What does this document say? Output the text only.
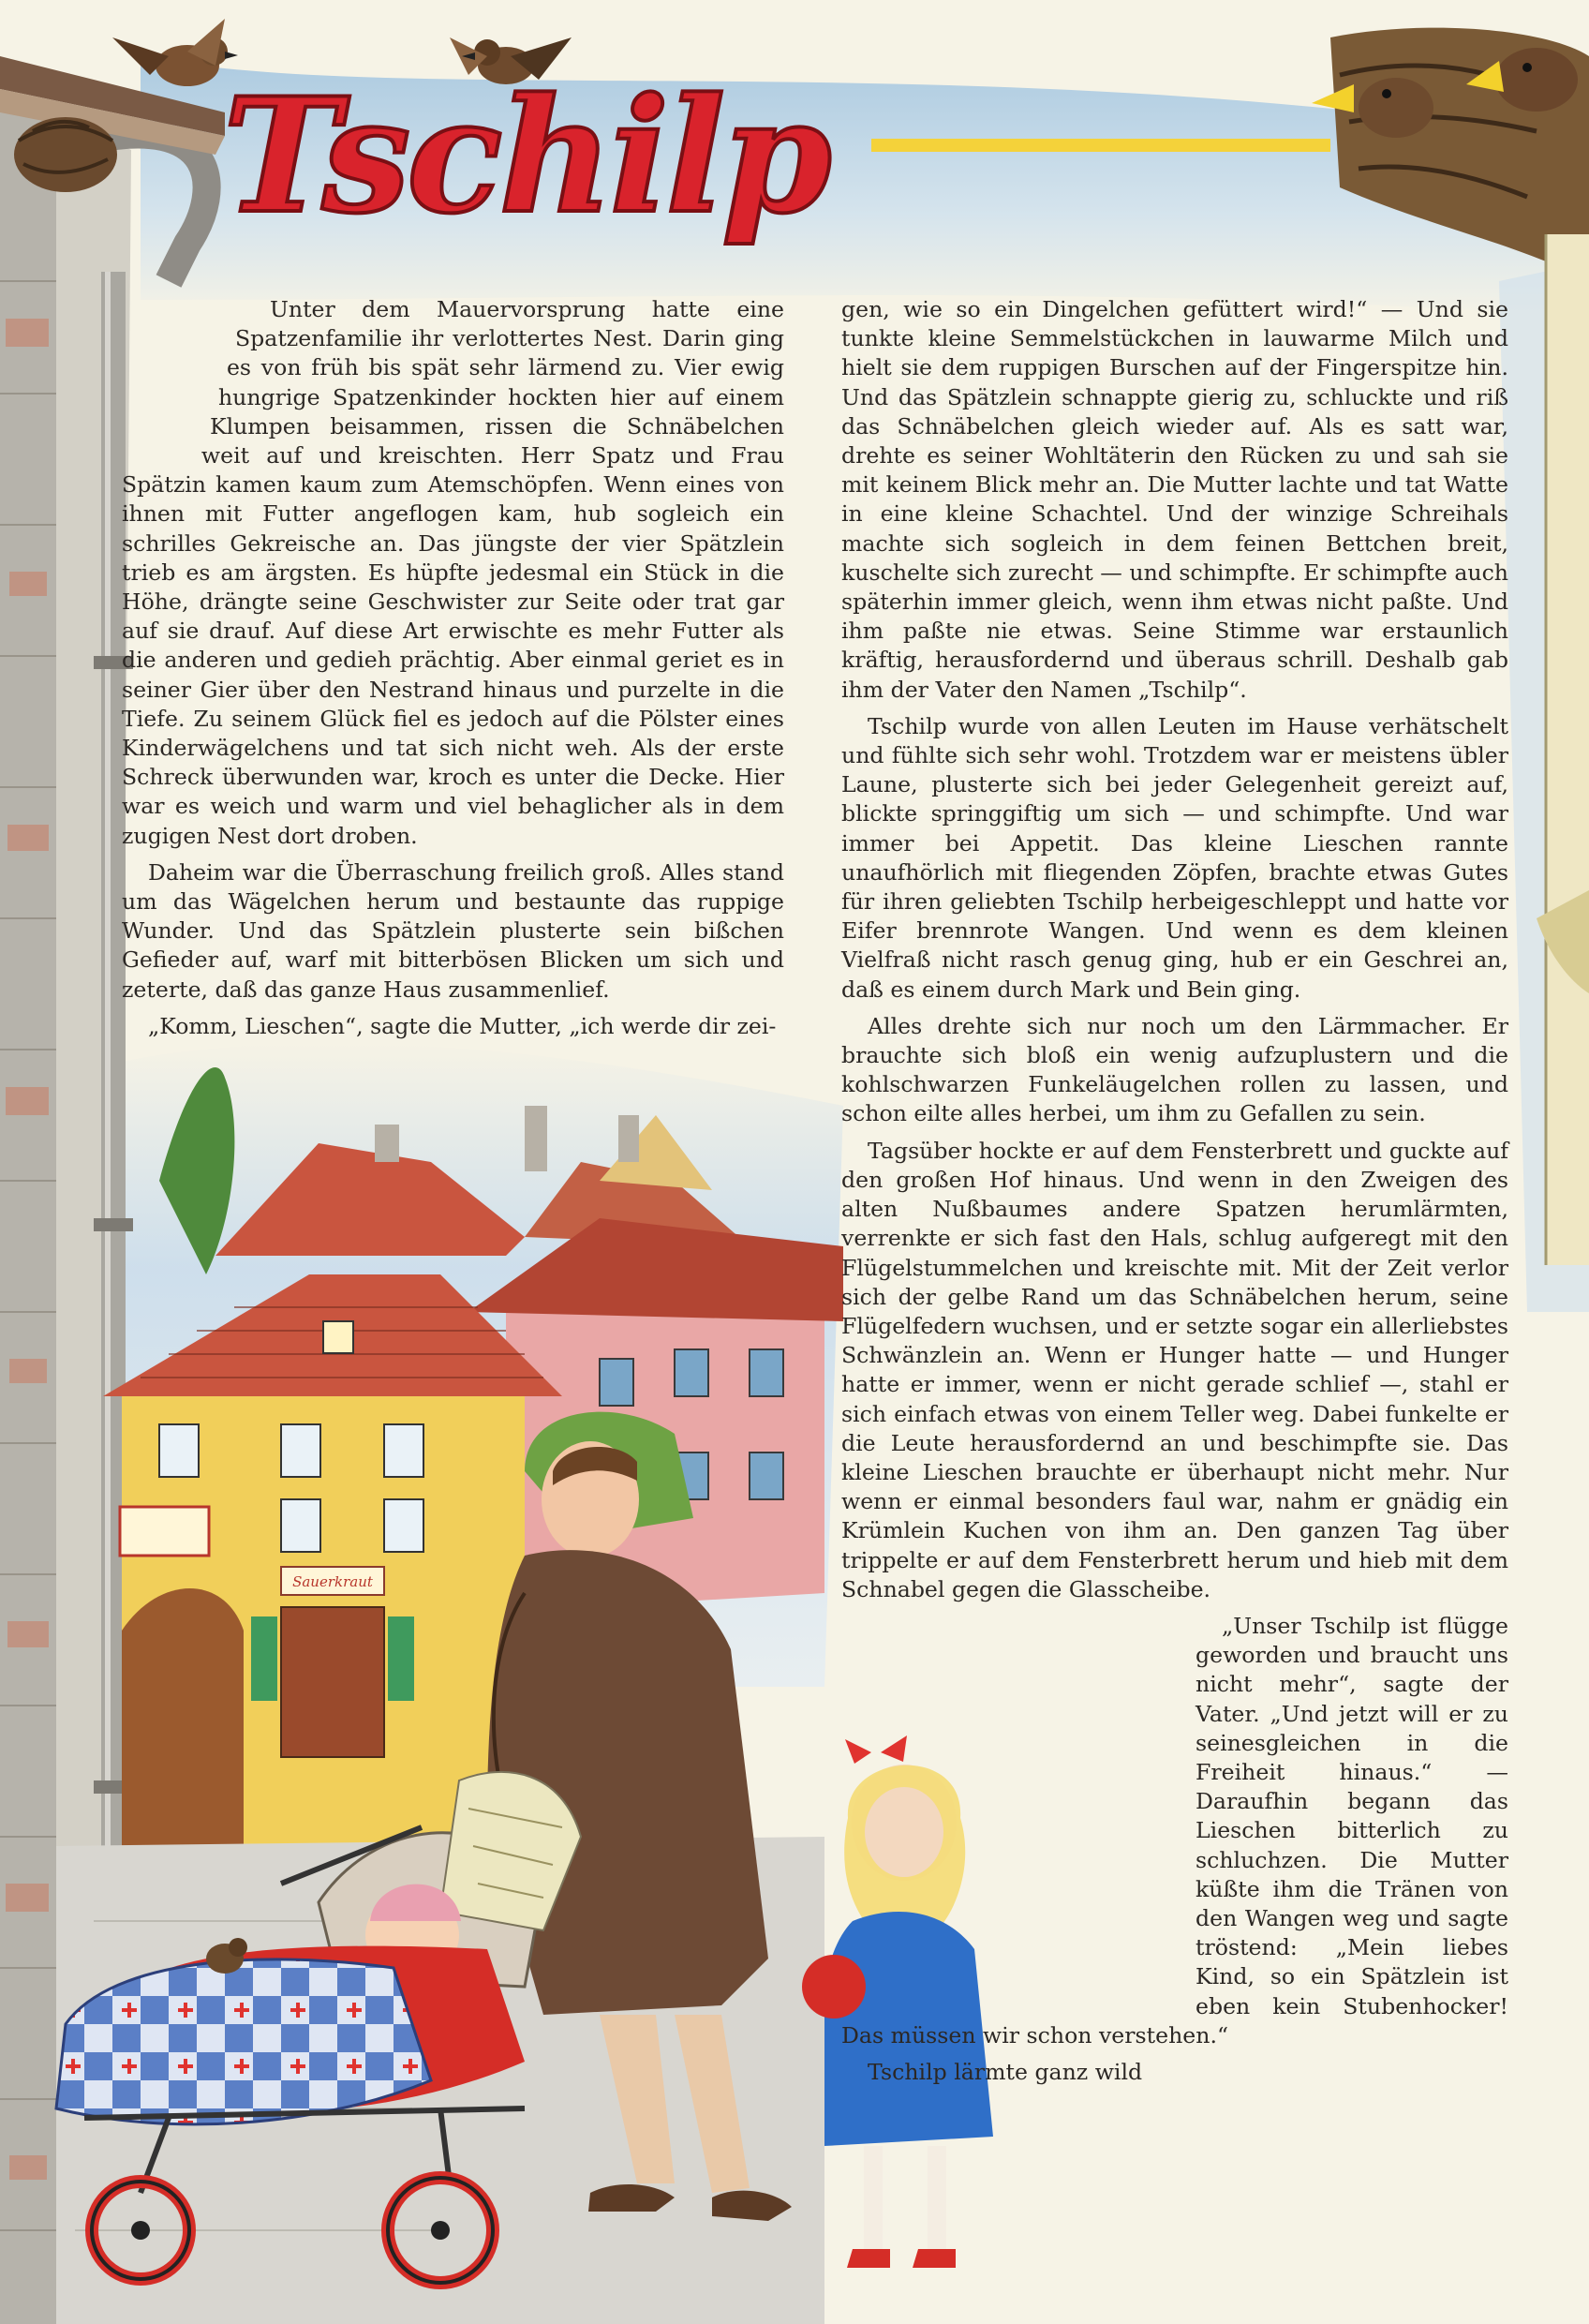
Tschilp
Sauerkraut

Unter dem Mauervorsprung hatte eine Spatzenfamilie ihr verlottertes Nest. Darin ging es von früh bis spät sehr lärmend zu. Vier ewig hungrige Spatzenkinder hockten hier auf einem Klumpen beisammen, rissen die Schnäbelchen weit auf und kreischten. Herr Spatz und Frau Spätzin kamen kaum zum Atemschöpfen. Wenn eines von ihnen mit Futter angeflogen kam, hub sogleich ein schrilles Gekreische an. Das jüngste der vier Spätzlein trieb es am ärgsten. Es hüpfte jedesmal ein Stück in die Höhe, drängte seine Geschwister zur Seite oder trat gar auf sie drauf. Auf diese Art erwischte es mehr Futter als die anderen und gedieh prächtig. Aber einmal geriet es in seiner Gier über den Nestrand hinaus und purzelte in die Tiefe. Zu seinem Glück fiel es jedoch auf die Pölster eines Kinderwägelchens und tat sich nicht weh. Als der erste Schreck überwunden war, kroch es unter die Decke. Hier war es weich und warm und viel behaglicher als in dem zugigen Nest dort droben.

Daheim war die Überraschung freilich groß. Alles stand um das Wägelchen herum und bestaunte das ruppige Wunder. Und das Spätzlein plusterte sein bißchen Gefieder auf, warf mit bitterbösen Blicken um sich und zeterte, daß das ganze Haus zusammenlief.

„Komm, Lieschen“, sagte die Mutter, „ich werde dir zei-

gen, wie so ein Dingelchen gefüttert wird!“ — Und sie tunkte kleine Semmelstückchen in lauwarme Milch und hielt sie dem ruppigen Burschen auf der Fingerspitze hin. Und das Spätzlein schnappte gierig zu, schluckte und riß das Schnäbelchen gleich wieder auf. Als es satt war, drehte es seiner Wohltäterin den Rücken zu und sah sie mit keinem Blick mehr an. Die Mutter lachte und tat Watte in eine kleine Schachtel. Und der winzige Schreihals machte sich sogleich in dem feinen Bettchen breit, kuschelte sich zurecht — und schimpfte. Er schimpfte auch späterhin immer gleich, wenn ihm etwas nicht paßte. Und ihm paßte nie etwas. Seine Stimme war erstaunlich kräftig, herausfordernd und überaus schrill. Deshalb gab ihm der Vater den Namen „Tschilp“.

Tschilp wurde von allen Leuten im Hause verhätschelt und fühlte sich sehr wohl. Trotzdem war er meistens übler Laune, plusterte sich bei jeder Gelegenheit gereizt auf, blickte springgiftig um sich — und schimpfte. Und war immer bei Appetit. Das kleine Lieschen rannte unaufhörlich mit fliegenden Zöpfen, brachte etwas Gutes für ihren geliebten Tschilp herbeigeschleppt und hatte vor Eifer brennrote Wangen. Und wenn es dem kleinen Vielfraß nicht rasch genug ging, hub er ein Geschrei an, daß es einem durch Mark und Bein ging.

Alles drehte sich nur noch um den Lärmmacher. Er brauchte sich bloß ein wenig aufzuplustern und die kohlschwarzen Funkeläugelchen rollen zu lassen, und schon eilte alles herbei, um ihm zu Gefallen zu sein.

Tagsüber hockte er auf dem Fensterbrett und guckte auf den großen Hof hinaus. Und wenn in den Zweigen des alten Nußbaumes andere Spatzen herumlärmten, verrenkte er sich fast den Hals, schlug aufgeregt mit den Flügelstummelchen und kreischte mit. Mit der Zeit verlor sich der gelbe Rand um das Schnäbelchen herum, seine Flügelfedern wuchsen, und er setzte sogar ein allerliebstes Schwänzlein an. Wenn er Hunger hatte — und Hunger hatte er immer, wenn er nicht gerade schlief —, stahl er sich einfach etwas von einem Teller weg. Dabei funkelte er die Leute herausfordernd an und beschimpfte sie. Das kleine Lieschen brauchte er überhaupt nicht mehr. Nur wenn er einmal besonders faul war, nahm er gnädig ein Krümlein Kuchen von ihm an. Den ganzen Tag über trippelte er auf dem Fensterbrett herum und hieb mit dem Schnabel gegen die Glasscheibe.

„Unser Tschilp ist flügge geworden und braucht uns nicht mehr“, sagte der Vater. „Und jetzt will er zu seinesgleichen in die Freiheit hinaus.“ — Daraufhin begann das Lieschen bitterlich zu schluchzen. Die Mutter küßte ihm die Tränen von den Wangen weg und sagte tröstend: „Mein liebes Kind, so ein Spätzlein ist eben kein Stubenhocker! Das müssen wir schon verstehen.“

Tschilp lärmte ganz wild
